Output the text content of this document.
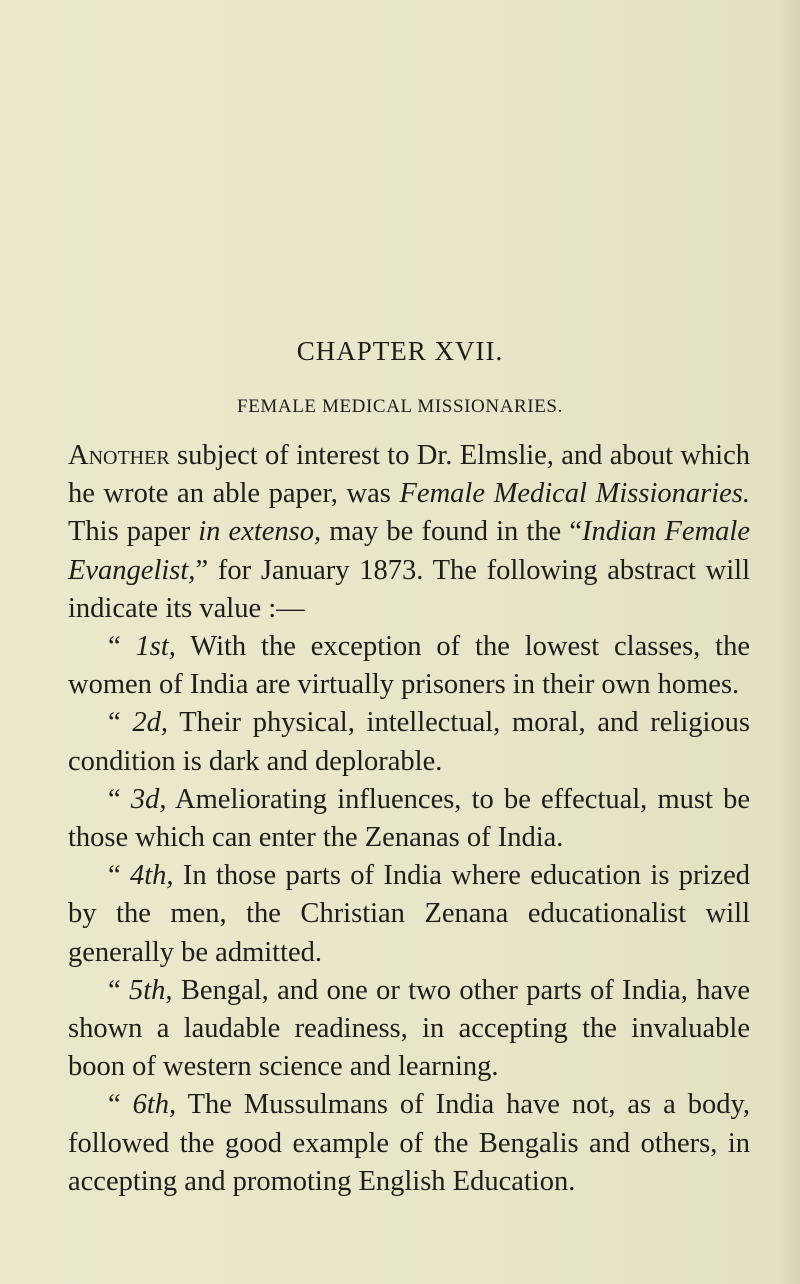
CHAPTER XVII.
FEMALE MEDICAL MISSIONARIES.

Another subject of interest to Dr. Elmslie, and about which he wrote an able paper, was Female Medical Missionaries. This paper in extenso, may be found in the “Indian Female Evangelist,” for January 1873. The following abstract will indicate its value :—

“ 1st, With the exception of the lowest classes, the women of India are virtually prisoners in their own homes.

“ 2d, Their physical, intellectual, moral, and religious condition is dark and deplorable.

“ 3d, Ameliorating influences, to be effectual, must be those which can enter the Zenanas of India.

“ 4th, In those parts of India where education is prized by the men, the Christian Zenana educationalist will generally be admitted.

“ 5th, Bengal, and one or two other parts of India, have shown a laudable readiness, in accepting the invaluable boon of western science and learning.

“ 6th, The Mussulmans of India have not, as a body, followed the good example of the Bengalis and others, in accepting and promoting English Education.
